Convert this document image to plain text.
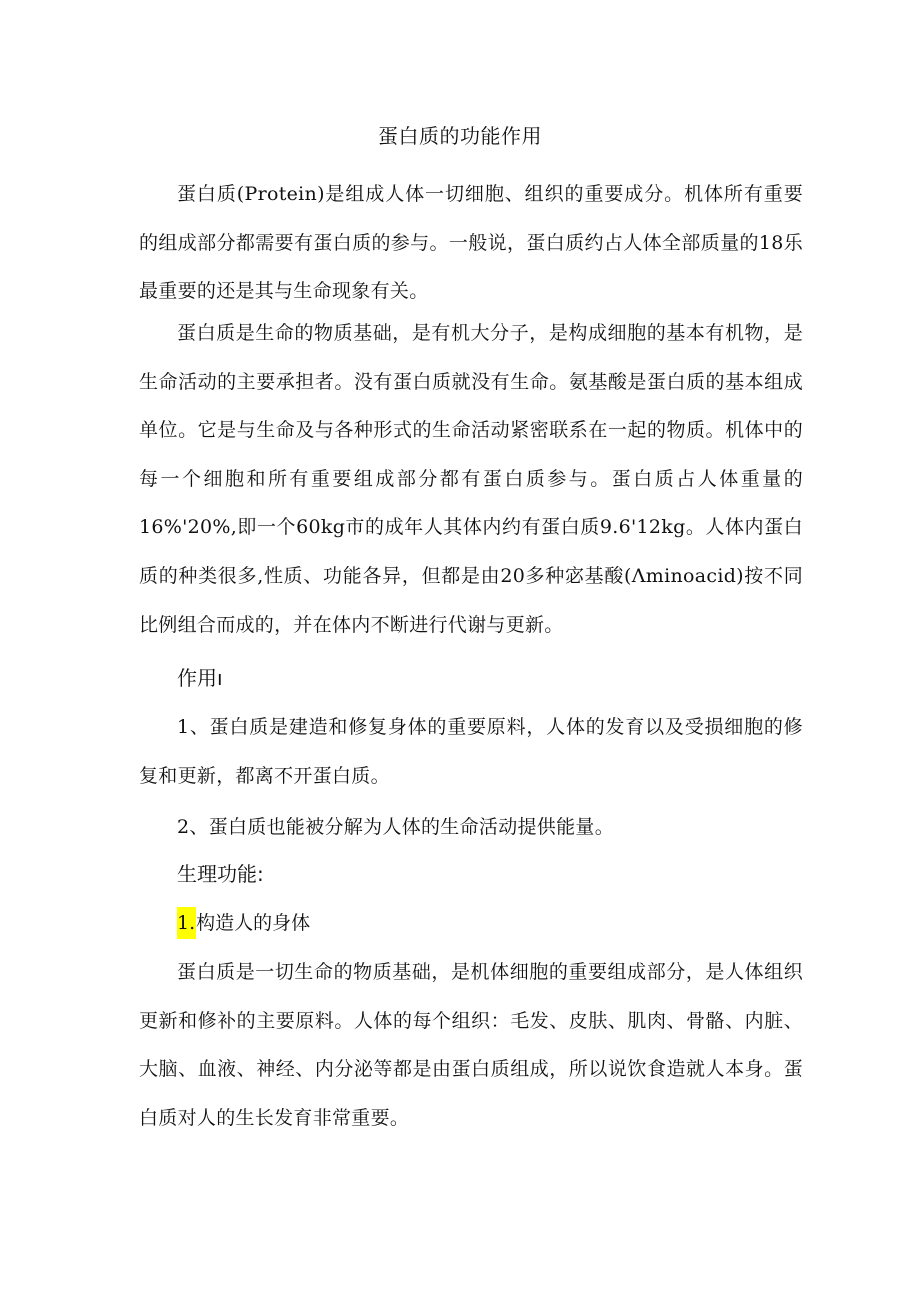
蛋白质的功能作用

蛋白质(Protein)是组成人体一切细胞、组织的重要成分。机体所有重要的组成部分都需要有蛋白质的参与。一般说，蛋白质约占人体全部质量的18乐最重要的还是其与生命现象有关。

蛋白质是生命的物质基础，是有机大分子，是构成细胞的基本有机物，是生命活动的主要承担者。没有蛋白质就没有生命。氨基酸是蛋白质的基本组成单位。它是与生命及与各种形式的生命活动紧密联系在一起的物质。机体中的每一个细胞和所有重要组成部分都有蛋白质参与。蛋白质占人体重量的16%'20%,即一个60kg市的成年人其体内约有蛋白质9.6'12kg。人体内蛋白质的种类很多,性质、功能各异，但都是由20多种宓基酸(Λminoacid)按不同比例组合而成的，并在体内不断进行代谢与更新。

作用ı

1、蛋白质是建造和修复身体的重要原料，人体的发育以及受损细胞的修复和更新，都离不开蛋白质。

2、蛋白质也能被分解为人体的生命活动提供能量。

生理功能:
1.构造人的身体

蛋白质是一切生命的物质基础，是机体细胞的重要组成部分，是人体组织更新和修补的主要原料。人体的每个组织：毛发、皮肤、肌肉、骨骼、内脏、大脑、血液、神经、内分泌等都是由蛋白质组成，所以说饮食造就人本身。蛋白质对人的生长发育非常重要。
